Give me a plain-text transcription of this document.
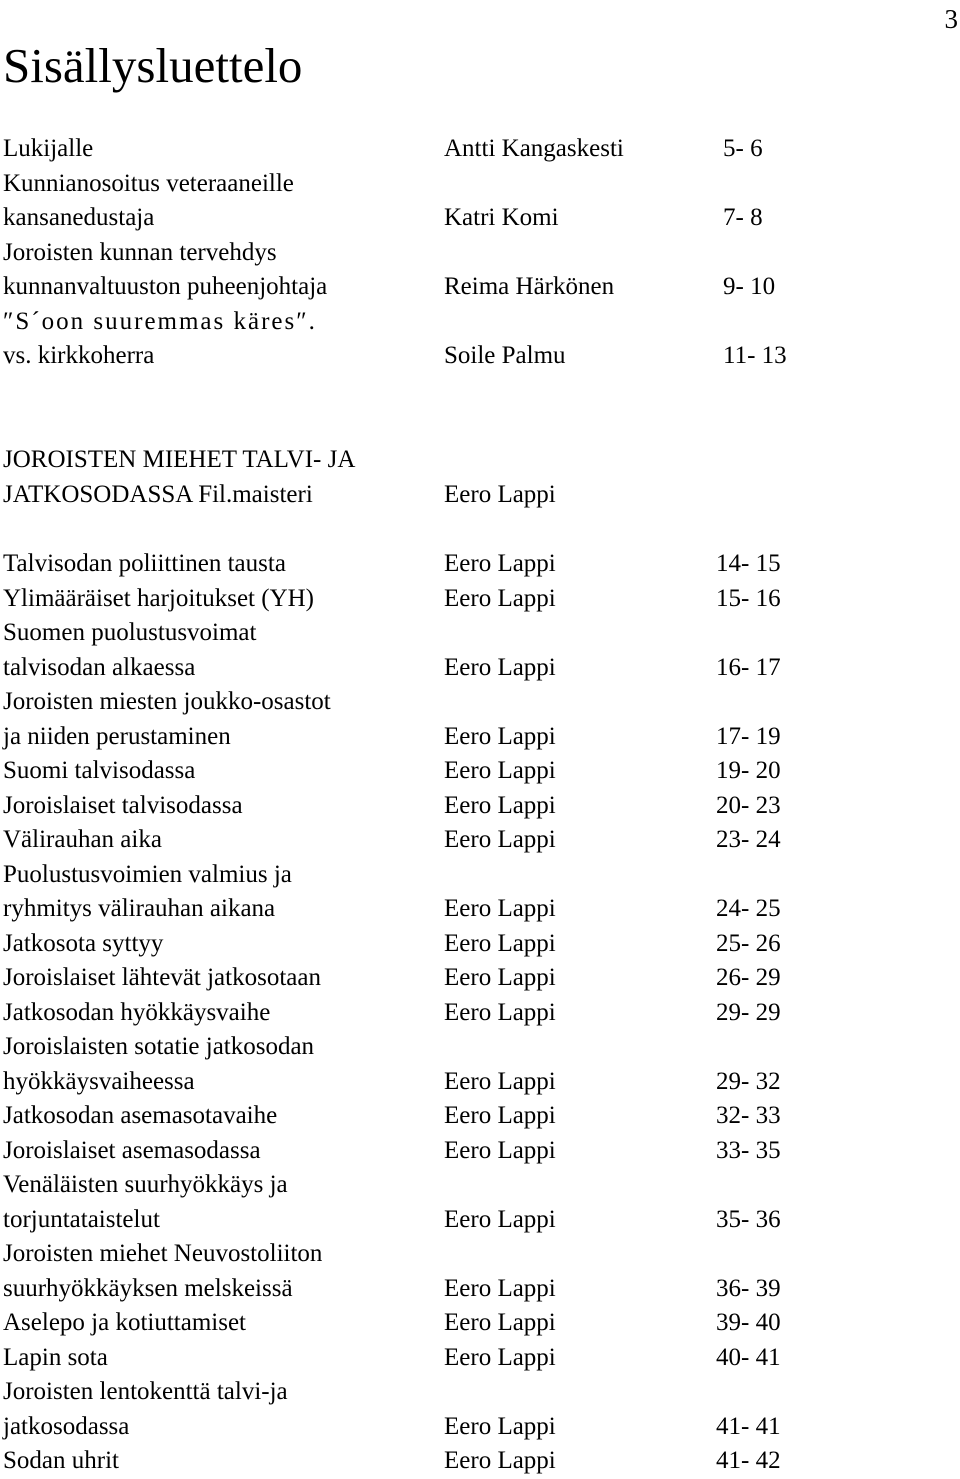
3
Sisällysluettelo
Lukijalle	Antti Kangaskesti	5- 6
Kunnianosoitus veteraaneille
kansanedustaja	Katri Komi	7- 8
Joroisten kunnan tervehdys
kunnanvaltuuston puheenjohtaja	Reima Härkönen	9- 10
″S´oon suuremmas käres″.
vs. kirkkoherra	Soile Palmu	11- 13
JOROISTEN MIEHET TALVI- JA
JATKOSODASSA Fil.maisteri	Eero Lappi
Talvisodan poliittinen tausta	Eero Lappi	14- 15
Ylimääräiset harjoitukset (YH)	Eero Lappi	15- 16
Suomen puolustusvoimat
talvisodan alkaessa	Eero Lappi	16- 17
Joroisten miesten joukko-osastot
ja niiden perustaminen	Eero Lappi	17- 19
Suomi talvisodassa	Eero Lappi	19- 20
Joroislaiset talvisodassa	Eero Lappi	20- 23
Välirauhan aika	Eero Lappi	23- 24
Puolustusvoimien valmius ja
ryhmitys välirauhan aikana	Eero Lappi	24- 25
Jatkosota syttyy	Eero Lappi	25- 26
Joroislaiset lähtevät jatkosotaan	Eero Lappi	26- 29
Jatkosodan hyökkäysvaihe	Eero Lappi	29- 29
Joroislaisten sotatie jatkosodan
hyökkäysvaiheessa	Eero Lappi	29- 32
Jatkosodan asemasotavaihe	Eero Lappi	32- 33
Joroislaiset asemasodassa	Eero Lappi	33- 35
Venäläisten suurhyökkäys ja
torjuntataistelut	Eero Lappi	35- 36
Joroisten miehet Neuvostoliiton
suurhyökkäyksen melskeissä	Eero Lappi	36- 39
Aselepo ja kotiuttamiset	Eero Lappi	39- 40
Lapin sota	Eero Lappi	40- 41
Joroisten lentokenttä talvi-ja
jatkosodassa	Eero Lappi	41- 41
Sodan uhrit	Eero Lappi	41- 42
